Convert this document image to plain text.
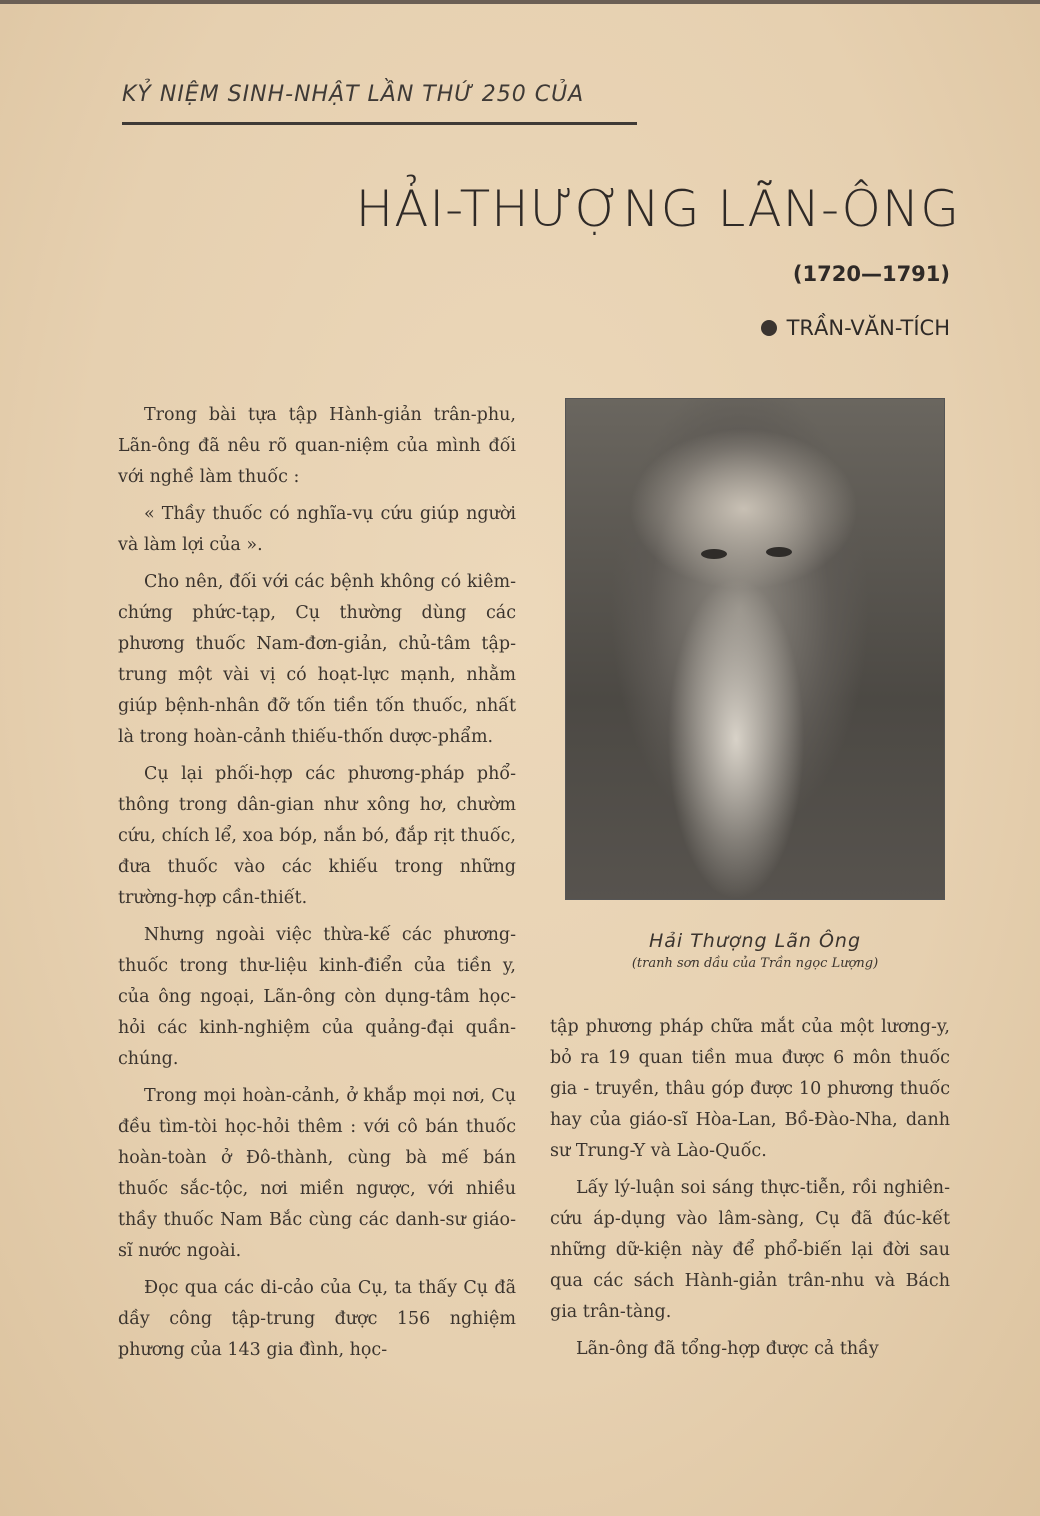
KỶ NIỆM SINH-NHẬT LẦN THỨ 250 CỦA
HẢI-THƯỢNG LÃN-ÔNG
(1720—1791)
TRẦN-VĂN-TÍCH

Trong bài tựa tập Hành-giản trân-phu, Lãn-ông đã nêu rõ quan-niệm của mình đối với nghề làm thuốc :

« Thầy thuốc có nghĩa-vụ cứu giúp người và làm lợi của ».

Cho nên, đối với các bệnh không có kiêm-chứng phức-tạp, Cụ thường dùng các phương thuốc Nam-đơn-giản, chủ-tâm tập-trung một vài vị có hoạt-lực mạnh, nhằm giúp bệnh-nhân đỡ tốn tiền tốn thuốc, nhất là trong hoàn-cảnh thiếu-thốn dược-phẩm.

Cụ lại phối-hợp các phương-pháp phổ-thông trong dân-gian như xông hơ, chườm cứu, chích lể, xoa bóp, nắn bó, đắp rịt thuốc, đưa thuốc vào các khiếu trong những trường-hợp cần-thiết.

Nhưng ngoài việc thừa-kế các phương-thuốc trong thư-liệu kinh-điển của tiền y, của ông ngoại, Lãn-ông còn dụng-tâm học-hỏi các kinh-nghiệm của quảng-đại quần-chúng.

Trong mọi hoàn-cảnh, ở khắp mọi nơi, Cụ đều tìm-tòi học-hỏi thêm : với cô bán thuốc hoàn-toàn ở Đô-thành, cùng bà mế bán thuốc sắc-tộc, nơi miền ngược, với nhiều thầy thuốc Nam Bắc cùng các danh-sư giáo-sĩ nước ngoài.

Đọc qua các di-cảo của Cụ, ta thấy Cụ đã dầy công tập-trung được 156 nghiệm phương của 143 gia đình, học-

Hải Thượng Lãn Ông
(tranh sơn dầu của Trần ngọc Lượng)

tập phương pháp chữa mắt của một lương-y, bỏ ra 19 quan tiền mua được 6 môn thuốc gia - truyền, thâu góp được 10 phương thuốc hay của giáo-sĩ Hòa-Lan, Bồ-Đào-Nha, danh sư Trung-Y và Lào-Quốc.

Lấy lý-luận soi sáng thực-tiễn, rồi nghiên-cứu áp-dụng vào lâm-sàng, Cụ đã đúc-kết những dữ-kiện này để phổ-biến lại đời sau qua các sách Hành-giản trân-nhu và Bách gia trân-tàng.

Lãn-ông đã tổng-hợp được cả thầy
